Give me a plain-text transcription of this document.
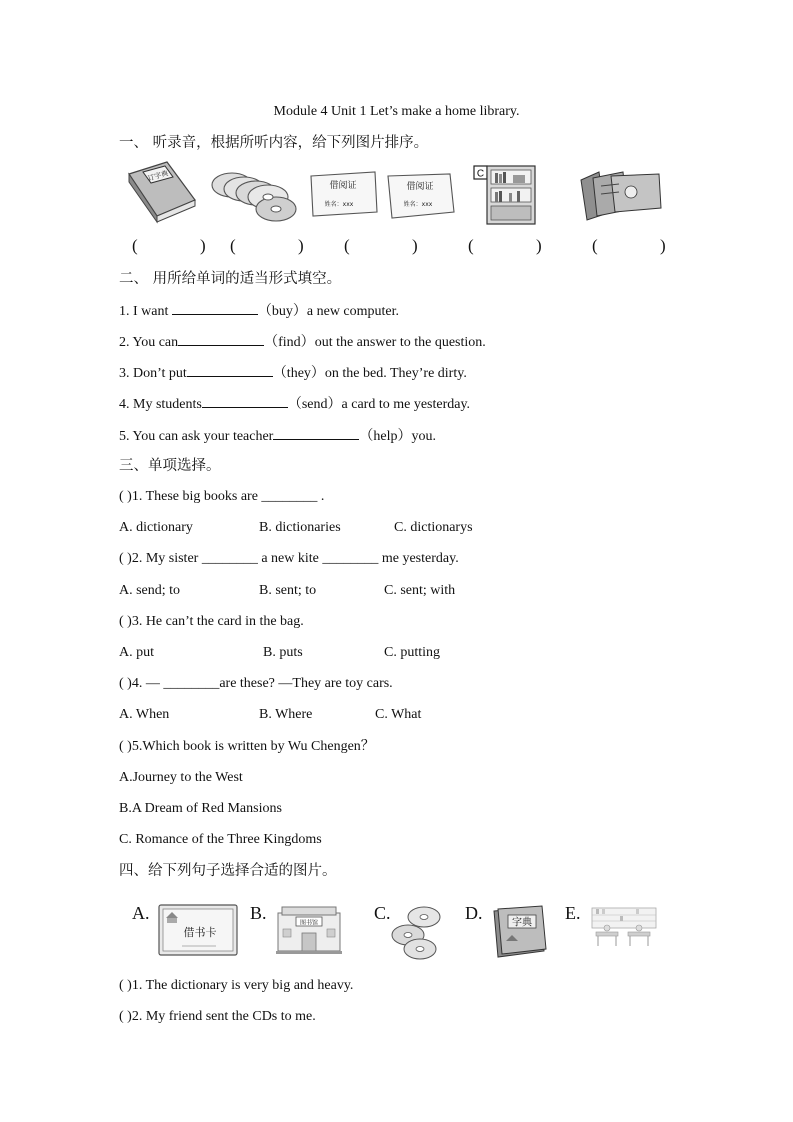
Module 4 Unit 1 Let’s make a home library.
一、 听录音，根据所听内容，给下列图片排序。
订字典
借阅证
姓名：xxx
借阅证
姓名：xxx
C
(	) (	) (	)	(	)	(	)
二、 用所给单词的适当形式填空。
1. I want	（buy）a new computer.
2. You can	（find）out the answer to the question.
3. Don’t put	（they）on the bed. They’re dirty.
4. My students	（send）a card to me yesterday.
5. You can ask your teacher	（help）you.
三、单项选择。
( )1. These big books are ________ .
A. dictionary	B. dictionaries	C. dictionarys
( )2. My sister ________ a new kite ________ me yesterday.
A. send; to	B. sent; to	C. sent; with
( )3. He can’t the card in the bag.
A. put	B. puts	C. putting
( )4. — ________are these? —They are toy cars.
A. When	B. Where	C. What
( )5.Which book is written by Wu Chengen？
A.Journey to the West
B.A Dream of Red Mansions
C. Romance of the Three Kingdoms
四、给下列句子选择合适的图片。
A.
借书卡
B.	图书馆	C.	D.	字典 E.
( )1. The dictionary is very big and heavy.
( )2. My friend sent the CDs to me.
